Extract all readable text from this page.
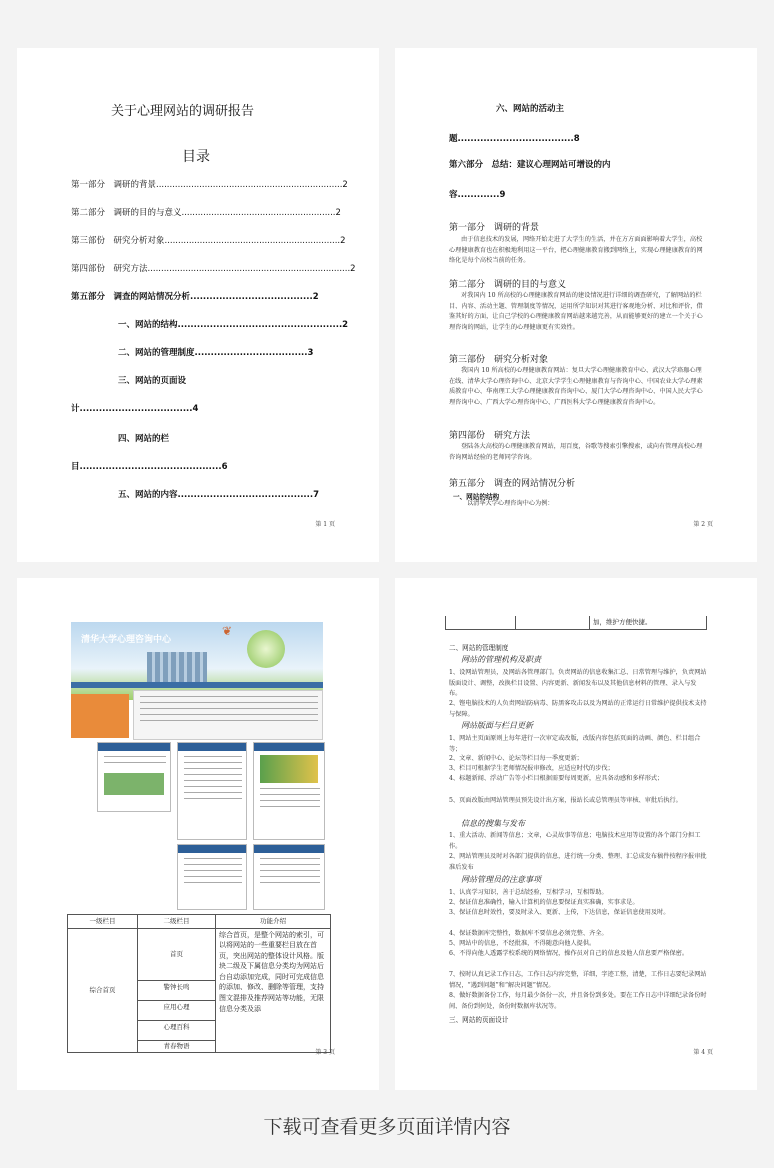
关于心理网站的调研报告
目录
第一部分　调研的背景.....................................................................2
第二部分　调研的目的与意义.........................................................2
第三部份　研究分析对象.................................................................2
第四部份　研究方法...........................................................................2
第五部分　调查的网站情况分析......................................2
一、网站的结构...................................................2
二、网站的管理制度...................................3
三、网站的页面设
计...................................4
四、网站的栏
目............................................6
五、网站的内容..........................................7
第 1 页
六、网站的活动主
题....................................8
第六部分　总结：建议心理网站可增设的内
容.............9
第一部分　调研的背景
由于信息技术的发展，网络开始走进了大学生的生活，并在方方面面影响着大学生，高校心理健康教育也在积极地利用这一平台，把心理健康教育搬到网络上，实现心理健康教育的网络化是每个高校当前的任务。
第二部分　调研的目的与意义
对我国内 10 所高校的心理健康教育网站的建设情况进行详细的调查研究，了解网站的栏目、内容、活动主题、管理制度等情况，运用所学知识对其进行客观地分析、对比和评价，借鉴其好的方面，让自己学校的心理健康教育网站越来越完善，从而能够更好的建立一个关于心理咨询的网站，让学生的心理健康更有实效性。
第三部份　研究分析对象
我国内 10 所高校的心理健康教育网站：复旦大学心理健康教育中心、武汉大学珞珈心理在线、清华大学心理咨询中心、北京大学学生心理健康教育与咨询中心、中国农业大学心理素质教育中心、华南理工大学心理健康教育咨询中心、厦门大学心理咨询中心、中国人民大学心理咨询中心、广西大学心理咨询中心、广西医科大学心理健康教育咨询中心。
第四部份　研究方法
登陆各大高校的心理健康教育网站，用百度，谷歌等搜索引擎搜索，或向有管理高校心理咨询网站经验的老师同学咨询。
第五部分　调查的网站情况分析
一、网站的结构
以清华大学心理咨询中心为例：
第 2 页
清华大学心理咨询中心
❦
一级栏目	二级栏目	功能介绍
综合首页	首页	综合首页，是整个网站的索引，可以将网站的一些重要栏目放在首页，突出网站的整体设计风格。版块二级及下属信息分类均为网站后台自动添加完成，同时可完成信息的添加、修改、删除等管理，支持图文混排及推荐网站等功能，无限信息分类及添
	警钟长鸣	
	应用心理	
	心理百科	
	青春物语	
第 3 页
		加，维护方便快捷。
二、网站的管理制度
网站的管理机构及职责
1、设网站管理员，及网站各管理部门。负责网站的信息收集汇总、日常管理与维护，负责网站版面设计、调整，改换栏目设置、内容更新、新闻发布以及其他信息材料的管理、录入与发布。
2、铿电脑技术的人负责网站防病毒、防黑客攻击以及为网站的正常运行日常维护提供技术支持与保障。
网站版面与栏目更新
1、网站主页面原则上每年进行一次审定或改版，改版内容包括页面的动画、颜色、栏目组合等；
2、文章、新闻中心、论坛等栏目每一季度更新；
3、栏目可根据学生老师情况报审修改，应适应时代的步伐；
4、标题新闻、浮动广告等小栏目根据需要每周更新，应具备动感和多样形式；
5、页面改版由网站管理员预先设计出方案，报站长或总管理员等审核、审批后执行。
信息的搜集与发布
1、重大活动、新闻等信息；文章，心灵故事等信息；电脑技术应用等设置的各个部门分担工作。
2、网站管理员及时对各部门提供的信息，进行统一分类、整理、汇总成发布稿件按程序报审批准后发布
网站管理员的注意事项
1、认真学习知识，善于总结经验，互相学习，互相帮助。
2、保证信息准确性，输入计算机的信息要保证真实准确，实事求是。
3、保证信息时效性，要及时录入、更新、上传，下达信息，保证信息使用及时。
4、保证数据库完整性，数据库不要信息必须完整、齐全。
5、网站中的信息，不经批准，不得随意向他人提供。
6、不得向他人透露学校系统的网络情况，操作员对自己的信息及他人信息要严格保密。
7、按时认真记录工作日志，工作日志内容完整，详细，字迹工整，清楚，工作日志要纪录网站情况，“遇到问题”和“解决问题”情况。
8、做好数据备份工作，每月最少备份一次，并且备份到多处。要在工作日志中详细纪录备份时间、备份到何处，备份时数据库状况等。
三、网站的页面设计
第 4 页
下载可查看更多页面详情内容
